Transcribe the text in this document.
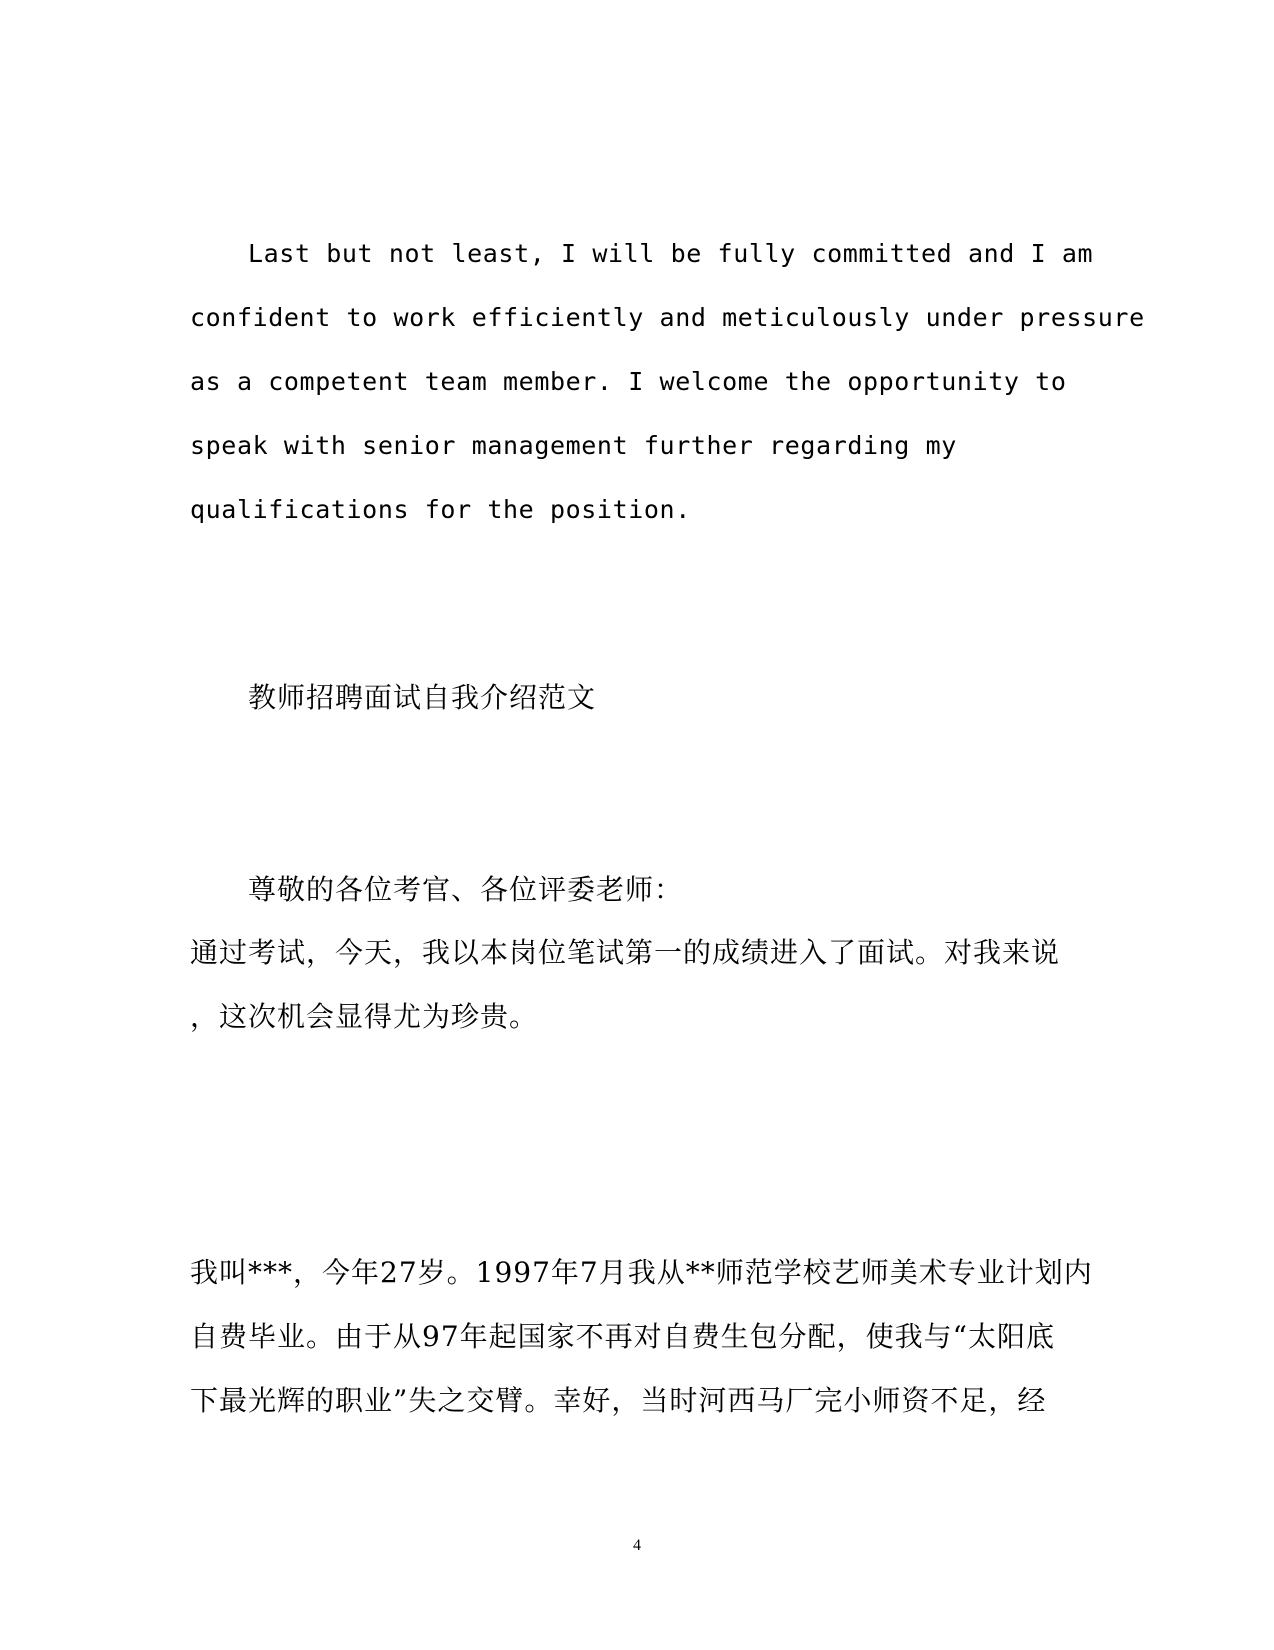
Last but not least, I will be fully committed and I am
confident to work efficiently and meticulously under pressure
as a competent team member. I welcome the opportunity to
speak with senior management further regarding my
qualifications for the position.
教师招聘面试自我介绍范文
尊敬的各位考官、各位评委老师：
通过考试，今天，我以本岗位笔试第一的成绩进入了面试。对我来说
，这次机会显得尤为珍贵。
我叫***，今年27岁。1997年7月我从**师范学校艺师美术专业计划内
自费毕业。由于从97年起国家不再对自费生包分配，使我与“太阳底
下最光辉的职业”失之交臂。幸好，当时河西马厂完小师资不足，经
4
